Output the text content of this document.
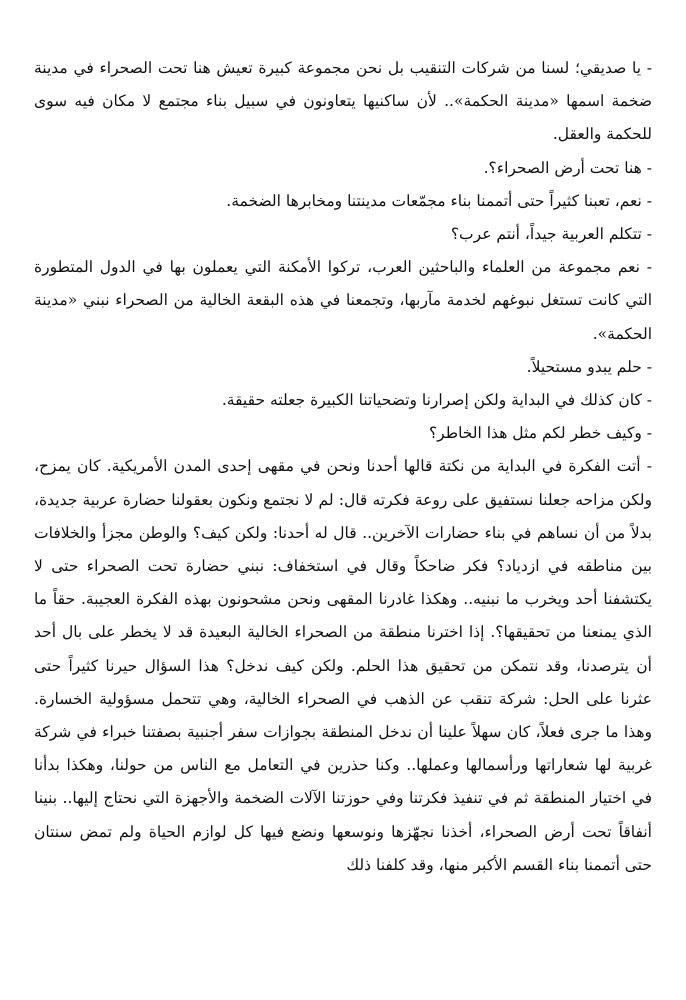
- يا صديقي؛ لسنا من شركات التنقيب بل نحن مجموعة كبيرة تعيش هنا تحت الصحراء في مدينة ضخمة اسمها «مدينة الحكمة».. لأن ساكنيها يتعاونون في سبيل بناء مجتمع لا مكان فيه سوى للحكمة والعقل.

- هنا تحت أرض الصحراء؟.

- نعم، تعبنا كثيراً حتى أتممنا بناء مجمّعات مدينتنا ومخابرها الضخمة.

- تتكلم العربية جيداً، أنتم عرب؟

- نعم مجموعة من العلماء والباحثين العرب، تركوا الأمكنة التي يعملون بها في الدول المتطورة التي كانت تستغل نبوغهم لخدمة مآربها، وتجمعنا في هذه البقعة الخالية من الصحراء نبني «مدينة الحكمة».

- حلم يبدو مستحيلاً.

- كان كذلك في البداية ولكن إصرارنا وتضحياتنا الكبيرة جعلته حقيقة.

- وكيف خطر لكم مثل هذا الخاطر؟

- أتت الفكرة في البداية من نكتة قالها أحدنا ونحن في مقهى إحدى المدن الأمريكية. كان يمزح، ولكن مزاحه جعلنا نستفيق على روعة فكرته قال: لم لا نجتمع ونكون بعقولنا حضارة عربية جديدة، بدلاً من أن نساهم في بناء حضارات الآخرين.. قال له أحدنا: ولكن كيف؟ والوطن مجزأ والخلافات بين مناطقه في ازدياد؟ فكر ضاحكاً وقال في استخفاف: نبني حضارة تحت الصحراء حتى لا يكتشفنا أحد ويخرب ما نبنيه.. وهكذا غادرنا المقهى ونحن مشحونون بهذه الفكرة العجيبة. حقاً ما الذي يمنعنا من تحقيقها؟. إذا اخترنا منطقة من الصحراء الخالية البعيدة قد لا يخطر على بال أحد أن يترصدنا، وقد نتمكن من تحقيق هذا الحلم. ولكن كيف ندخل؟ هذا السؤال حيرنا كثيراً حتى عثرنا على الحل: شركة تنقب عن الذهب في الصحراء الخالية، وهي تتحمل مسؤولية الخسارة. وهذا ما جرى فعلاً، كان سهلاً علينا أن ندخل المنطقة بجوازات سفر أجنبية بصفتنا خبراء في شركة غربية لها شعاراتها ورأسمالها وعملها.. وكنا حذرين في التعامل مع الناس من حولنا، وهكذا بدأنا في اختيار المنطقة ثم في تنفيذ فكرتنا وفي حوزتنا الآلات الضخمة والأجهزة التي نحتاج إليها.. بنينا أنفاقاً تحت أرض الصحراء، أخذنا نجهّزها ونوسعها ونضع فيها كل لوازم الحياة ولم تمض سنتان حتى أتممنا بناء القسم الأكبر منها، وقد كلفنا ذلك
